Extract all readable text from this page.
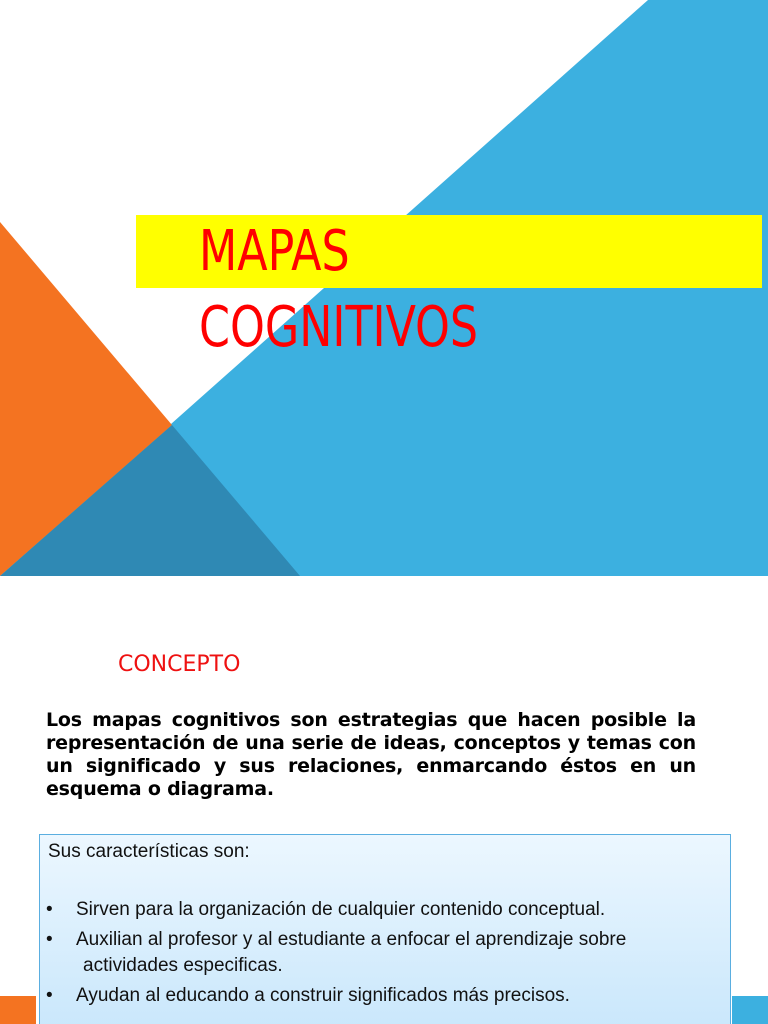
MAPAS
COGNITIVOS
CONCEPTO
Los mapas cognitivos son estrategias que hacen posible la representación de una serie de ideas, conceptos y temas con un significado y sus relaciones, enmarcando éstos en un esquema o diagrama.
Sus características son:
• Sirven para la organización de cualquier contenido conceptual.
• Auxilian al profesor y al estudiante a enfocar el aprendizaje sobre
actividades especificas.
• Ayudan al educando a construir significados más precisos.
